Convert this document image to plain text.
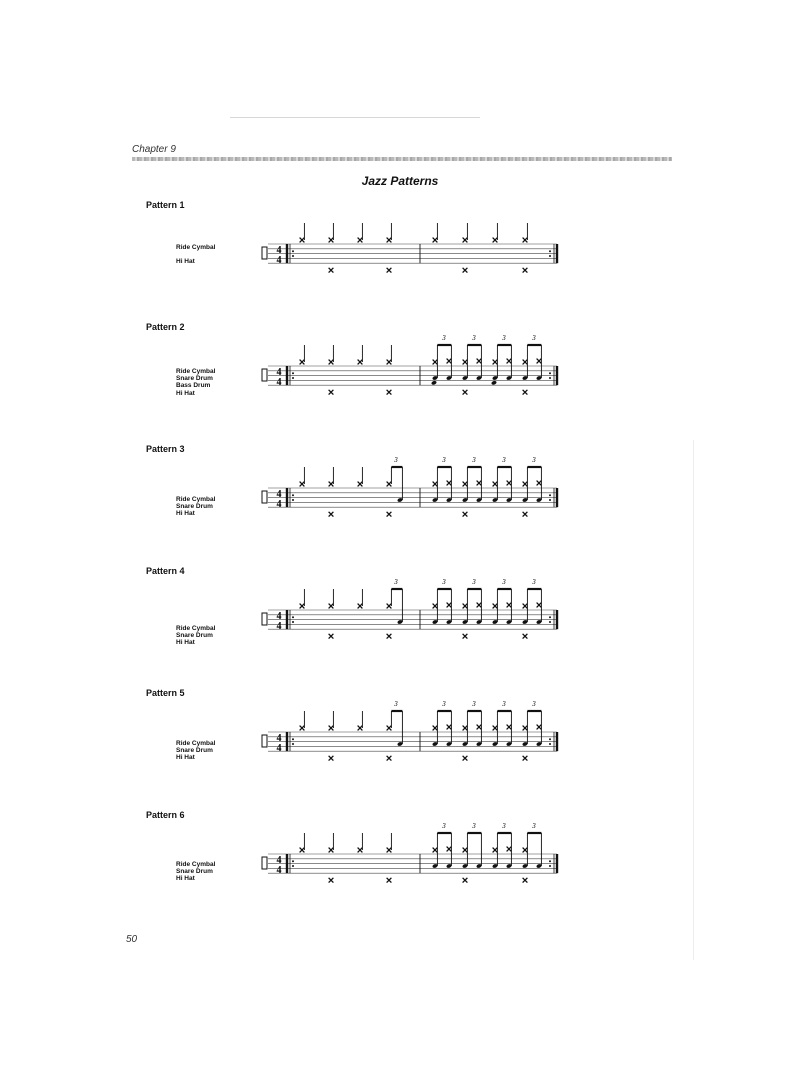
Chapter 9
Jazz Patterns
Pattern 1
Ride Cymbal
Hi Hat
4
4
Pattern 2
Ride Cymbal
Snare Drum
Bass Drum
Hi Hat
4
4
3	3	3	3
Pattern 3
Ride Cymbal
Snare Drum
Hi Hat
4
4
3	3	3	3
3
Pattern 4
Ride Cymbal
Snare Drum
Hi Hat
4
4
3	3	3	3
3
Pattern 5
Ride Cymbal
Snare Drum
Hi Hat
4
4
3	3	3	3
3
Pattern 6
Ride Cymbal
Snare Drum
Hi Hat
4
4
3	3	3	3
50
